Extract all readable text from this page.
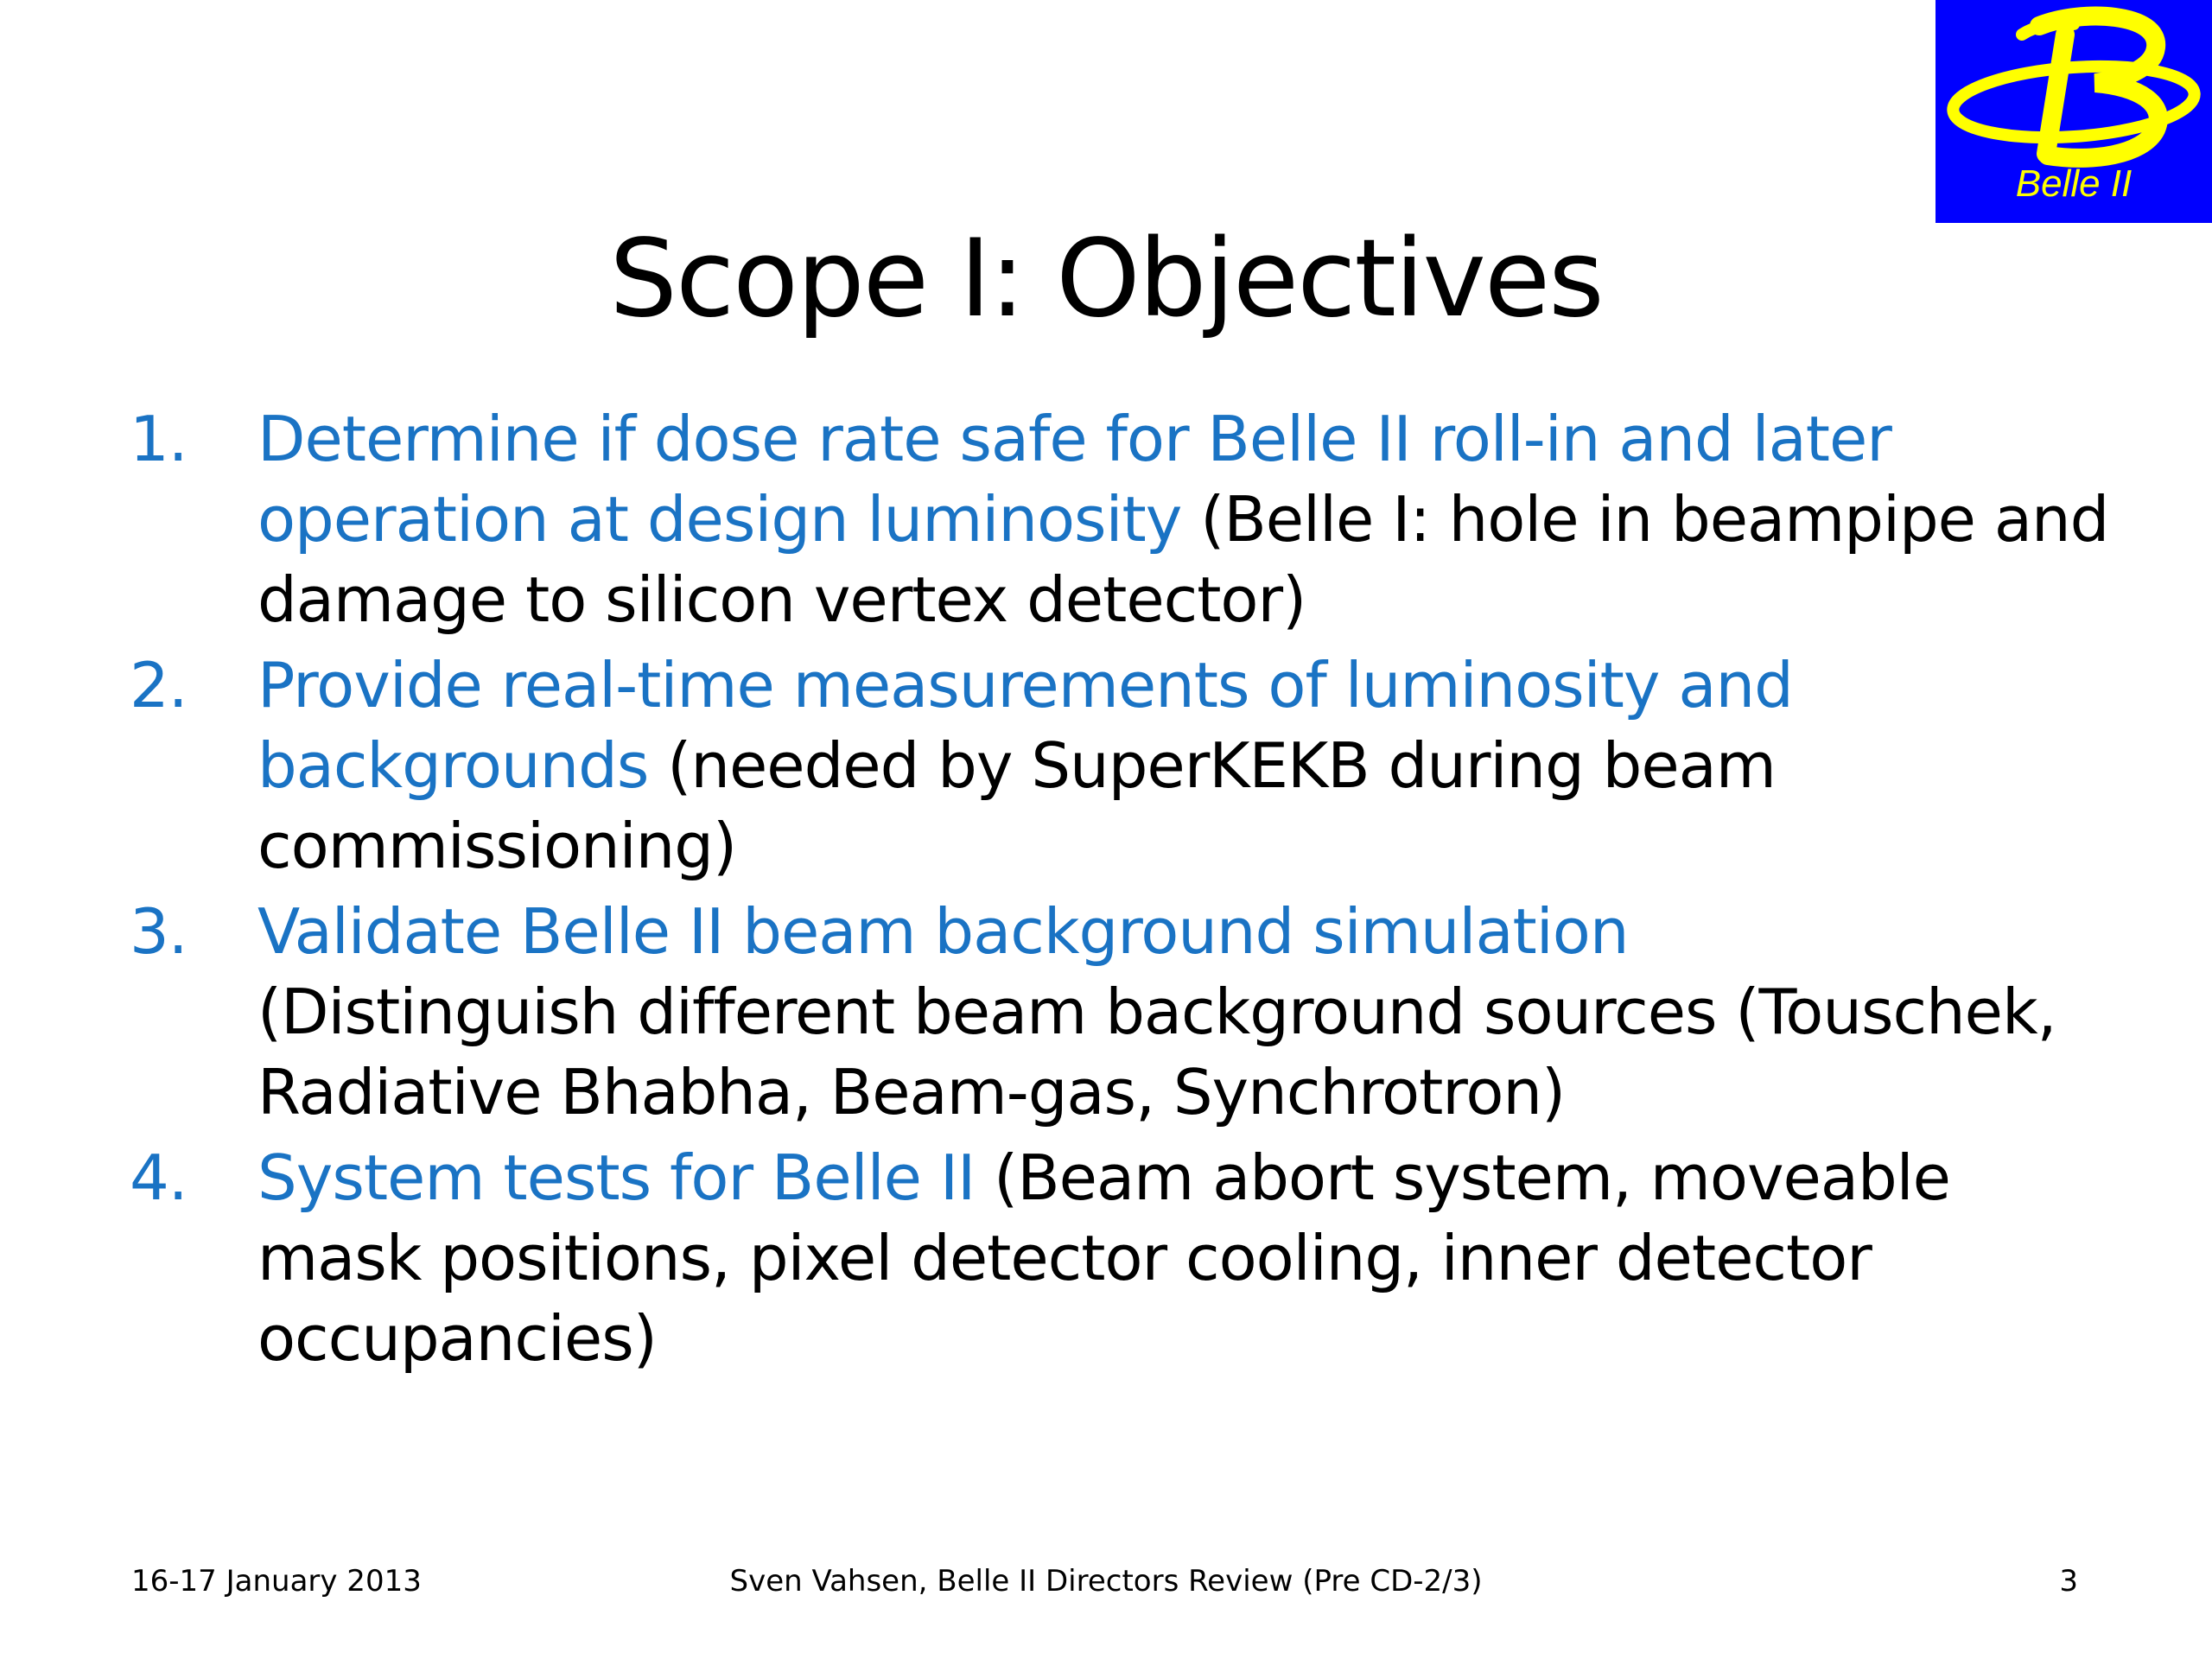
Belle II
Scope I: Objectives
1. Determine if dose rate safe for Belle II roll-in and later operation at design luminosity (Belle I: hole in beampipe and damage to silicon vertex detector)
2. Provide real-time measurements of luminosity and backgrounds (needed by SuperKEKB during beam commissioning)
3. Validate Belle II beam background simulation
(Distinguish different beam background sources (Touschek, Radiative Bhabha, Beam-gas, Synchrotron)
4. System tests for Belle II (Beam abort system, moveable mask positions, pixel detector cooling, inner detector occupancies)
Sven Vahsen, Belle II Directors Review (Pre CD-2/3)
16-17 January 2013	3
